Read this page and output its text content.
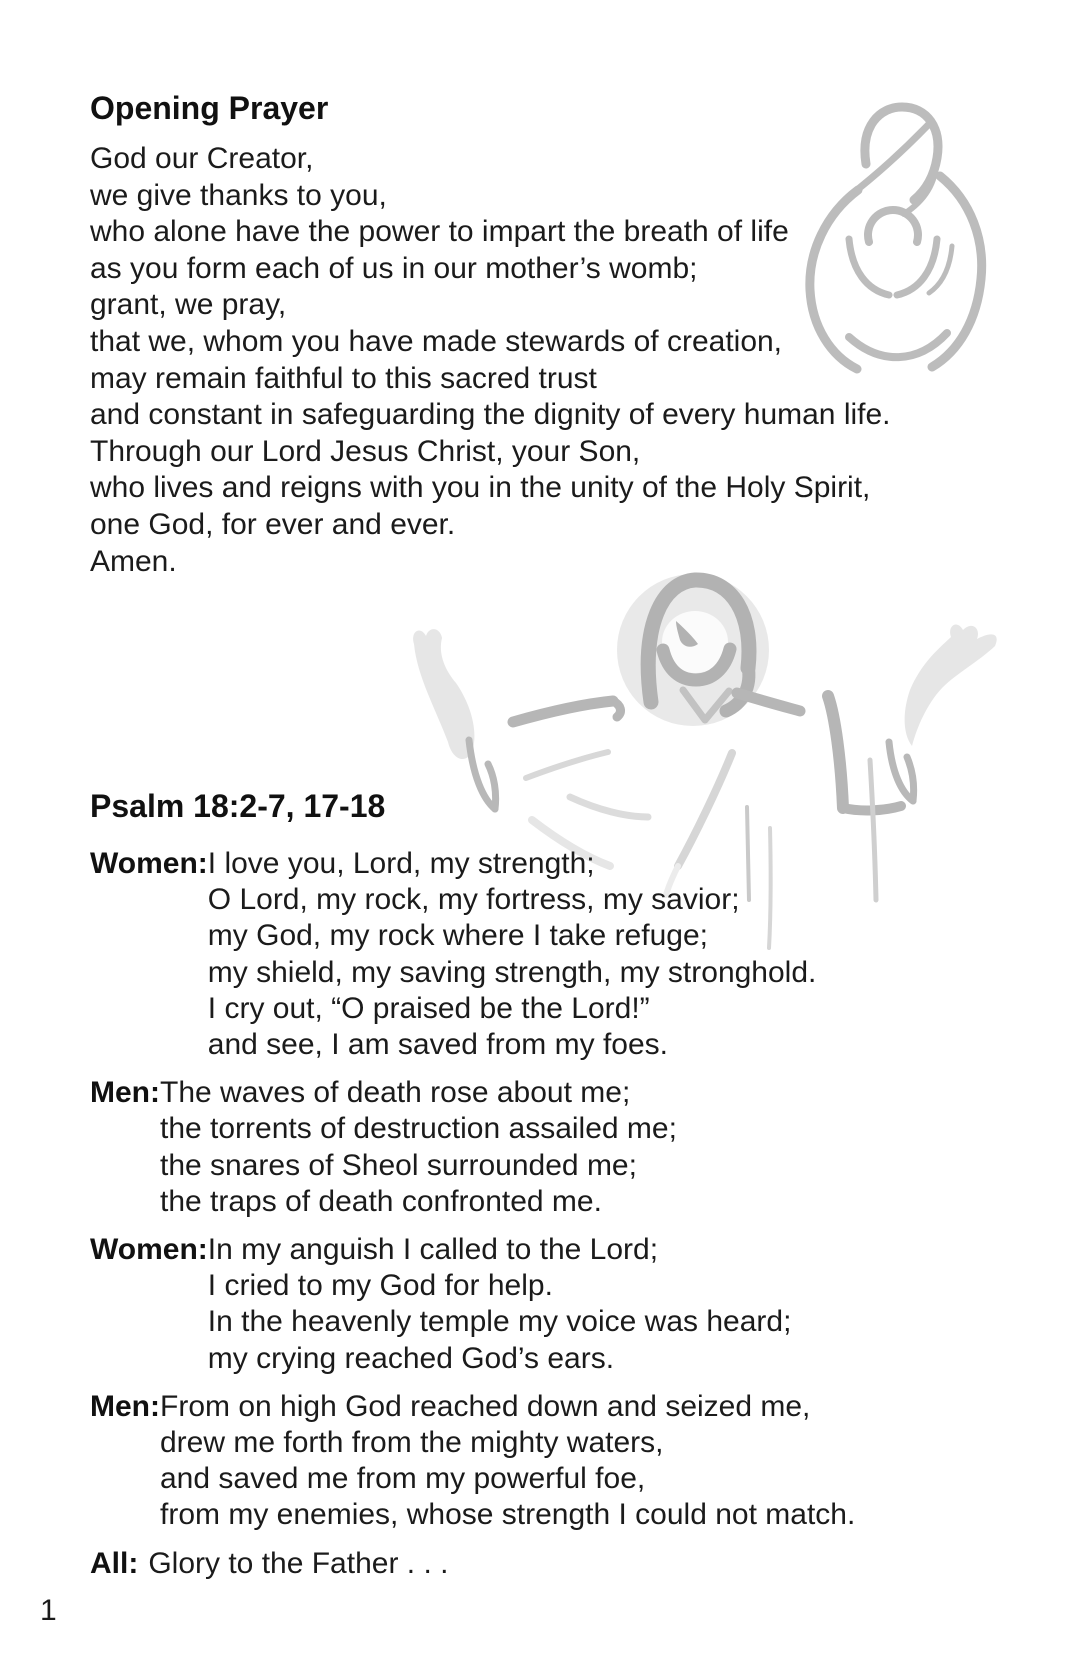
Opening Prayer
God our Creator,
we give thanks to you,
who alone have the power to impart the breath of life
as you form each of us in our mother’s womb;
grant, we pray,
that we, whom you have made stewards of creation,
may remain faithful to this sacred trust
and constant in safeguarding the dignity of every human life.
Through our Lord Jesus Christ, your Son,
who lives and reigns with you in the unity of the Holy Spirit,
one God, for ever and ever.
Amen.
Psalm 18:2-7, 17-18
Women: I love you, Lord, my strength;
O Lord, my rock, my fortress, my savior;
my God, my rock where I take refuge;
my shield, my saving strength, my stronghold.
I cry out, “O praised be the Lord!”
and see, I am saved from my foes.
Men: The waves of death rose about me;
the torrents of destruction assailed me;
the snares of Sheol surrounded me;
the traps of death confronted me.
Women: In my anguish I called to the Lord;
I cried to my God for help.
In the heavenly temple my voice was heard;
my crying reached God’s ears.
Men: From on high God reached down and seized me,
drew me forth from the mighty waters,
and saved me from my powerful foe,
from my enemies, whose strength I could not match.
All: Glory to the Father . . .
1
